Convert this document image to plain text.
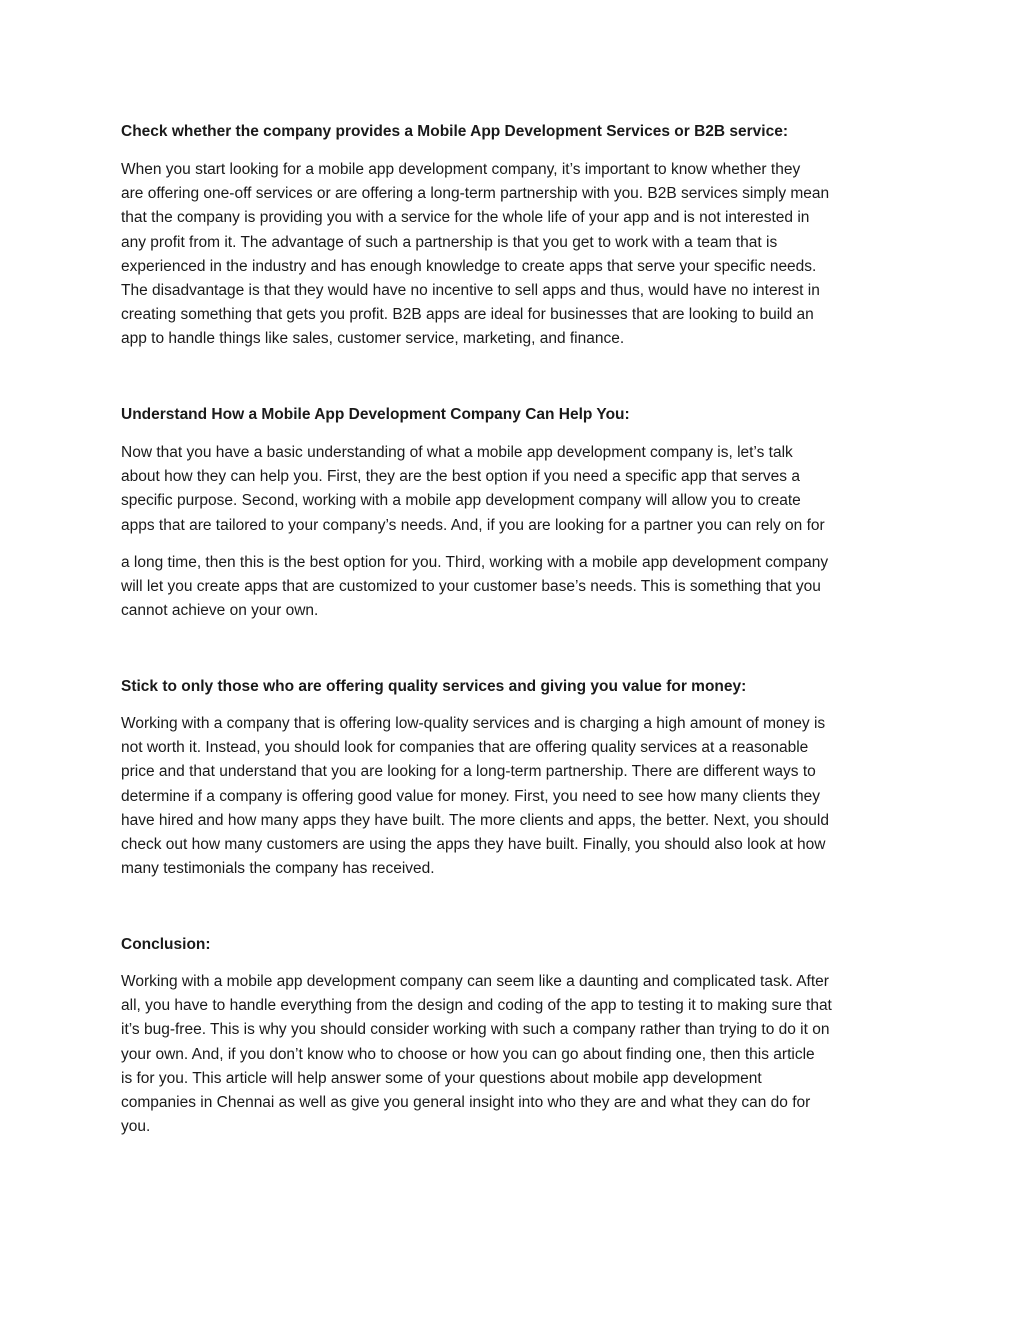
Check whether the company provides a Mobile App Development Services or B2B service:

When you start looking for a mobile app development company, it’s important to know whether they

are offering one-off services or are offering a long-term partnership with you. B2B services simply mean

that the company is providing you with a service for the whole life of your app and is not interested in

any profit from it. The advantage of such a partnership is that you get to work with a team that is

experienced in the industry and has enough knowledge to create apps that serve your specific needs.

The disadvantage is that they would have no incentive to sell apps and thus, would have no interest in

creating something that gets you profit. B2B apps are ideal for businesses that are looking to build an

app to handle things like sales, customer service, marketing, and finance.

Understand How a Mobile App Development Company Can Help You:

Now that you have a basic understanding of what a mobile app development company is, let’s talk

about how they can help you. First, they are the best option if you need a specific app that serves a

specific purpose. Second, working with a mobile app development company will allow you to create

apps that are tailored to your company’s needs. And, if you are looking for a partner you can rely on for

a long time, then this is the best option for you. Third, working with a mobile app development company

will let you create apps that are customized to your customer base’s needs. This is something that you

cannot achieve on your own.

Stick to only those who are offering quality services and giving you value for money:

Working with a company that is offering low-quality services and is charging a high amount of money is

not worth it. Instead, you should look for companies that are offering quality services at a reasonable

price and that understand that you are looking for a long-term partnership. There are different ways to

determine if a company is offering good value for money. First, you need to see how many clients they

have hired and how many apps they have built. The more clients and apps, the better. Next, you should

check out how many customers are using the apps they have built. Finally, you should also look at how

many testimonials the company has received.

Conclusion:

Working with a mobile app development company can seem like a daunting and complicated task. After

all, you have to handle everything from the design and coding of the app to testing it to making sure that

it’s bug-free. This is why you should consider working with such a company rather than trying to do it on

your own. And, if you don’t know who to choose or how you can go about finding one, then this article

is for you. This article will help answer some of your questions about mobile app development

companies in Chennai as well as give you general insight into who they are and what they can do for

you.
